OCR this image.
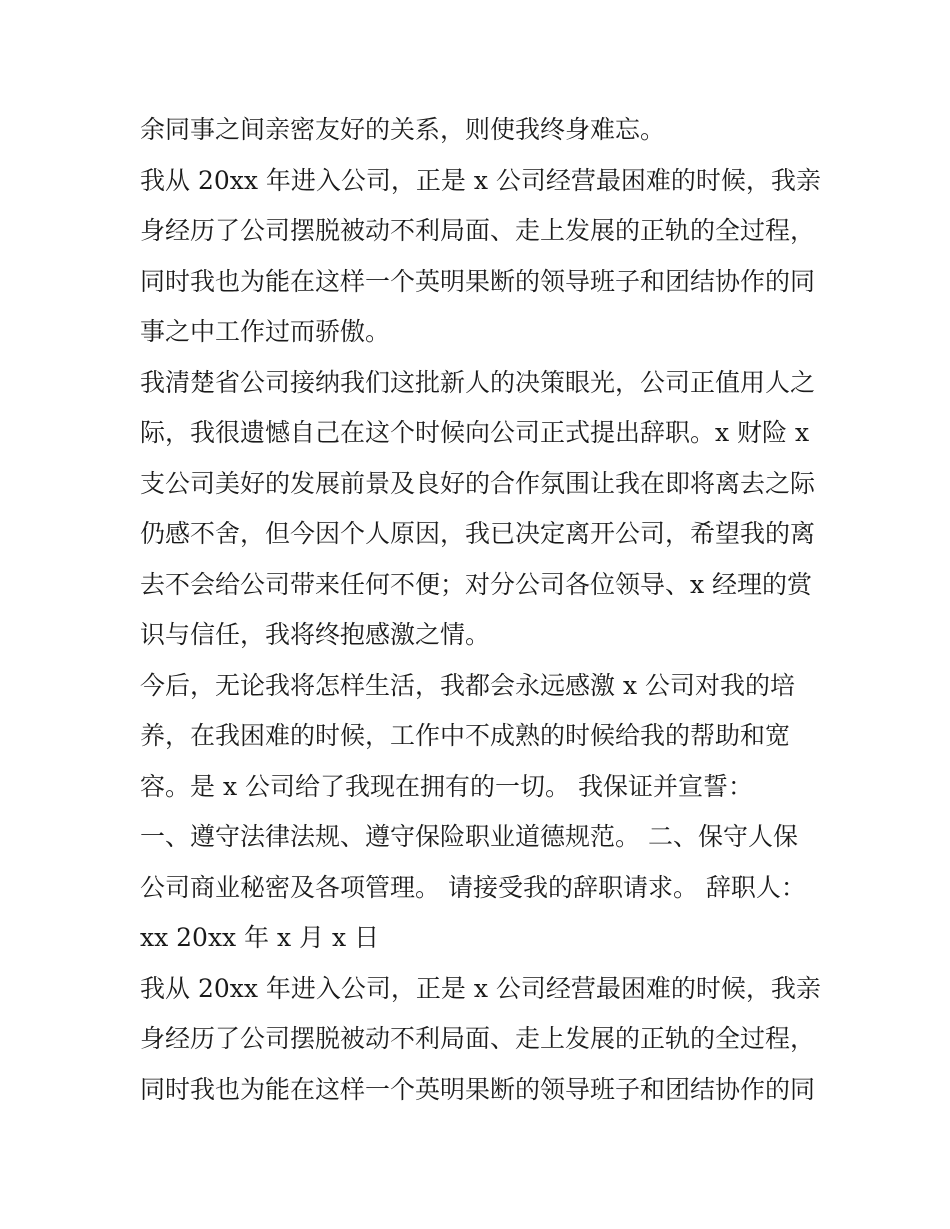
余同事之间亲密友好的关系，则使我终身难忘。
我从 20xx 年进入公司，正是 x 公司经营最困难的时候，我亲
身经历了公司摆脱被动不利局面、走上发展的正轨的全过程，
同时我也为能在这样一个英明果断的领导班子和团结协作的同
事之中工作过而骄傲。
我清楚省公司接纳我们这批新人的决策眼光，公司正值用人之
际，我很遗憾自己在这个时候向公司正式提出辞职。x 财险 x
支公司美好的发展前景及良好的合作氛围让我在即将离去之际
仍感不舍，但今因个人原因，我已决定离开公司，希望我的离
去不会给公司带来任何不便；对分公司各位领导、x 经理的赏
识与信任，我将终抱感激之情。
今后，无论我将怎样生活，我都会永远感激 x 公司对我的培
养，在我困难的时候，工作中不成熟的时候给我的帮助和宽
容。是 x 公司给了我现在拥有的一切。 我保证并宣誓：
一、遵守法律法规、遵守保险职业道德规范。 二、保守人保
公司商业秘密及各项管理。 请接受我的辞职请求。 辞职人：
xx 20xx 年 x 月 x 日
我从 20xx 年进入公司，正是 x 公司经营最困难的时候，我亲
身经历了公司摆脱被动不利局面、走上发展的正轨的全过程，
同时我也为能在这样一个英明果断的领导班子和团结协作的同
